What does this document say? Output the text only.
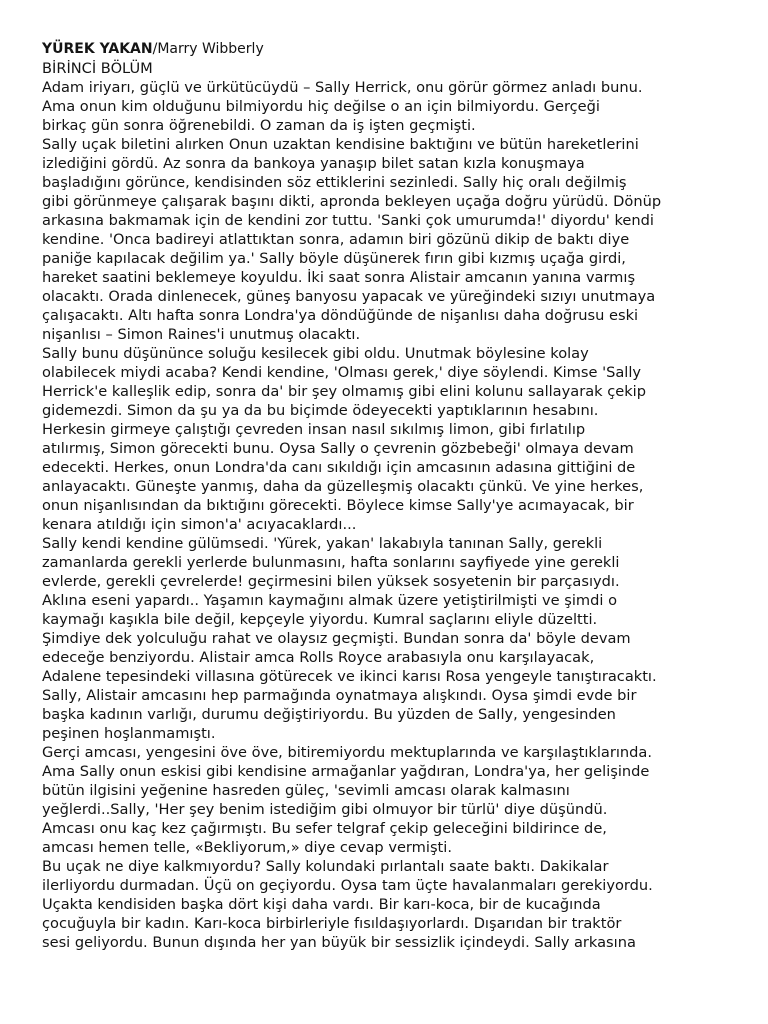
YÜREK YAKAN/Marry Wibberly
BİRİNCİ BÖLÜM
Adam iriyarı, güçlü ve ürkütücüydü – Sally Herrick, onu görür görmez anladı bunu.
Ama onun kim olduğunu bilmiyordu hiç değilse o an için bilmiyordu. Gerçeği
birkaç gün sonra öğrenebildi. O zaman da iş işten geçmişti.
Sally uçak biletini alırken Onun uzaktan kendisine baktığını ve bütün hareketlerini
izlediğini gördü. Az sonra da bankoya yanaşıp bilet satan kızla konuşmaya
başladığını görünce, kendisinden söz ettiklerini sezinledi. Sally hiç oralı değilmiş
gibi görünmeye çalışarak başını dikti, apronda bekleyen uçağa doğru yürüdü. Dönüp
arkasına bakmamak için de kendini zor tuttu. 'Sanki çok umurumda!' diyordu' kendi
kendine. 'Onca badireyi atlattıktan sonra, adamın biri gözünü dikip de baktı diye
paniğe kapılacak değilim ya.' Sally böyle düşünerek fırın gibi kızmış uçağa girdi,
hareket saatini beklemeye koyuldu. İki saat sonra Alistair amcanın yanına varmış
olacaktı. Orada dinlenecek, güneş banyosu yapacak ve yüreğindeki sızıyı unutmaya
çalışacaktı. Altı hafta sonra Londra'ya döndüğünde de nişanlısı daha doğrusu eski
nişanlısı – Simon Raines'i unutmuş olacaktı.
Sally bunu düşününce soluğu kesilecek gibi oldu. Unutmak böylesine kolay
olabilecek miydi acaba? Kendi kendine, 'Olması gerek,' diye söylendi. Kimse 'Sally
Herrick'e kalleşlik edip, sonra da' bir şey olmamış gibi elini kolunu sallayarak çekip
gidemezdi. Simon da şu ya da bu biçimde ödeyecekti yaptıklarının hesabını.
Herkesin girmeye çalıştığı çevreden insan nasıl sıkılmış limon, gibi fırlatılıp
atılırmış, Simon görecekti bunu. Oysa Sally o çevrenin gözbebeği' olmaya devam
edecekti. Herkes, onun Londra'da canı sıkıldığı için amcasının adasına gittiğini de
anlayacaktı. Güneşte yanmış, daha da güzelleşmiş olacaktı çünkü. Ve yine herkes,
onun nişanlısından da bıktığını görecekti. Böylece kimse Sally'ye acımayacak, bir
kenara atıldığı için simon'a' acıyacaklardı...
Sally kendi kendine gülümsedi. 'Yürek, yakan' lakabıyla tanınan Sally, gerekli
zamanlarda gerekli yerlerde bulunmasını, hafta sonlarını sayfiyede yine gerekli
evlerde, gerekli çevrelerde! geçirmesini bilen yüksek sosyetenin bir parçasıydı.
Aklına eseni yapardı.. Yaşamın kaymağını almak üzere yetiştirilmişti ve şimdi o
kaymağı kaşıkla bile değil, kepçeyle yiyordu. Kumral saçlarını eliyle düzeltti.
Şimdiye dek yolculuğu rahat ve olaysız geçmişti. Bundan sonra da' böyle devam
edeceğe benziyordu. Alistair amca Rolls Royce arabasıyla onu karşılayacak,
Adalene tepesindeki villasına götürecek ve ikinci karısı Rosa yengeyle tanıştıracaktı.
Sally, Alistair amcasını hep parmağında oynatmaya alışkındı. Oysa şimdi evde bir
başka kadının varlığı, durumu değiştiriyordu. Bu yüzden de SaIly, yengesinden
peşinen hoşlanmamıştı.
Gerçi amcası, yengesini öve öve, bitiremiyordu mektuplarında ve karşılaştıklarında.
Ama Sally onun eskisi gibi kendisine armağanlar yağdıran, Londra'ya, her gelişinde
bütün ilgisini yeğenine hasreden güleç, 'sevimli amcası olarak kalmasını
yeğlerdi..Sally, 'Her şey benim istediğim gibi olmuyor bir türlü' diye düşündü.
Amcası onu kaç kez çağırmıştı. Bu sefer telgraf çekip geleceğini bildirince de,
amcası hemen telle, «Bekliyorum,» diye cevap vermişti.
Bu uçak ne diye kalkmıyordu? Sally kolundaki pırlantalı saate baktı. Dakikalar
ilerliyordu durmadan. Üçü on geçiyordu. Oysa tam üçte havalanmaları gerekiyordu.
Uçakta kendisiden başka dört kişi daha vardı. Bir karı-koca, bir de kucağında
çocuğuyla bir kadın. Karı-koca birbirleriyle fısıldaşıyorlardı. Dışarıdan bir traktör
sesi geliyordu. Bunun dışında her yan büyük bir sessizlik içindeydi. Sally arkasına
